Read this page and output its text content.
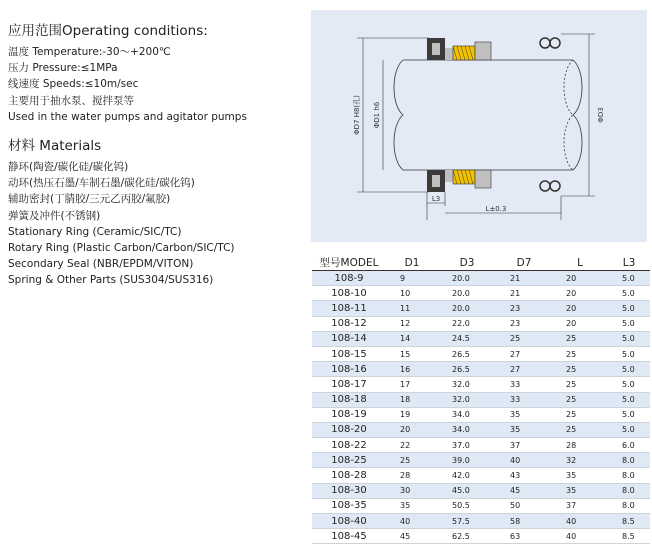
应用范围Operating conditions:
温度 Temperature:-30～+200℃
压力 Pressure:≤1MPa
线速度 Speeds:≤10m/sec
主要用于抽水泵、搅拌泵等
Used in the water pumps and agitator pumps
材料 Materials
静环(陶瓷/碳化硅/碳化钨)
动环(热压石墨/车制石墨/碳化硅/碳化钨)
辅助密封(丁腈胶/三元乙丙胶/氟胶)
弹簧及冲件(不锈钢)
Stationary Ring (Ceramic/SIC/TC)
Rotary Ring (Plastic Carbon/Carbon/SIC/TC)
Secondary Seal (NBR/EPDM/VITON)
Spring & Other Parts (SUS304/SUS316)
ΦD7 H8(孔) ΦD1 h6	ΦD3
L3
L±0.3
型号MODEL	D1	D3	D7	L	L3
108-9	9	20.0	21	20	5.0
108-10	10	20.0	21	20	5.0
108-11	11	20.0	23	20	5.0
108-12	12	22.0	23	20	5.0
108-14	14	24.5	25	25	5.0
108-15	15	26.5	27	25	5.0
108-16	16	26.5	27	25	5.0
108-17	17	32.0	33	25	5.0
108-18	18	32.0	33	25	5.0
108-19	19	34.0	35	25	5.0
108-20	20	34.0	35	25	5.0
108-22	22	37.0	37	28	6.0
108-25	25	39.0	40	32	8.0
108-28	28	42.0	43	35	8.0
108-30	30	45.0	45	35	8.0
108-35	35	50.5	50	37	8.0
108-40	40	57.5	58	40	8.5
108-45	45	62.5	63	40	8.5
